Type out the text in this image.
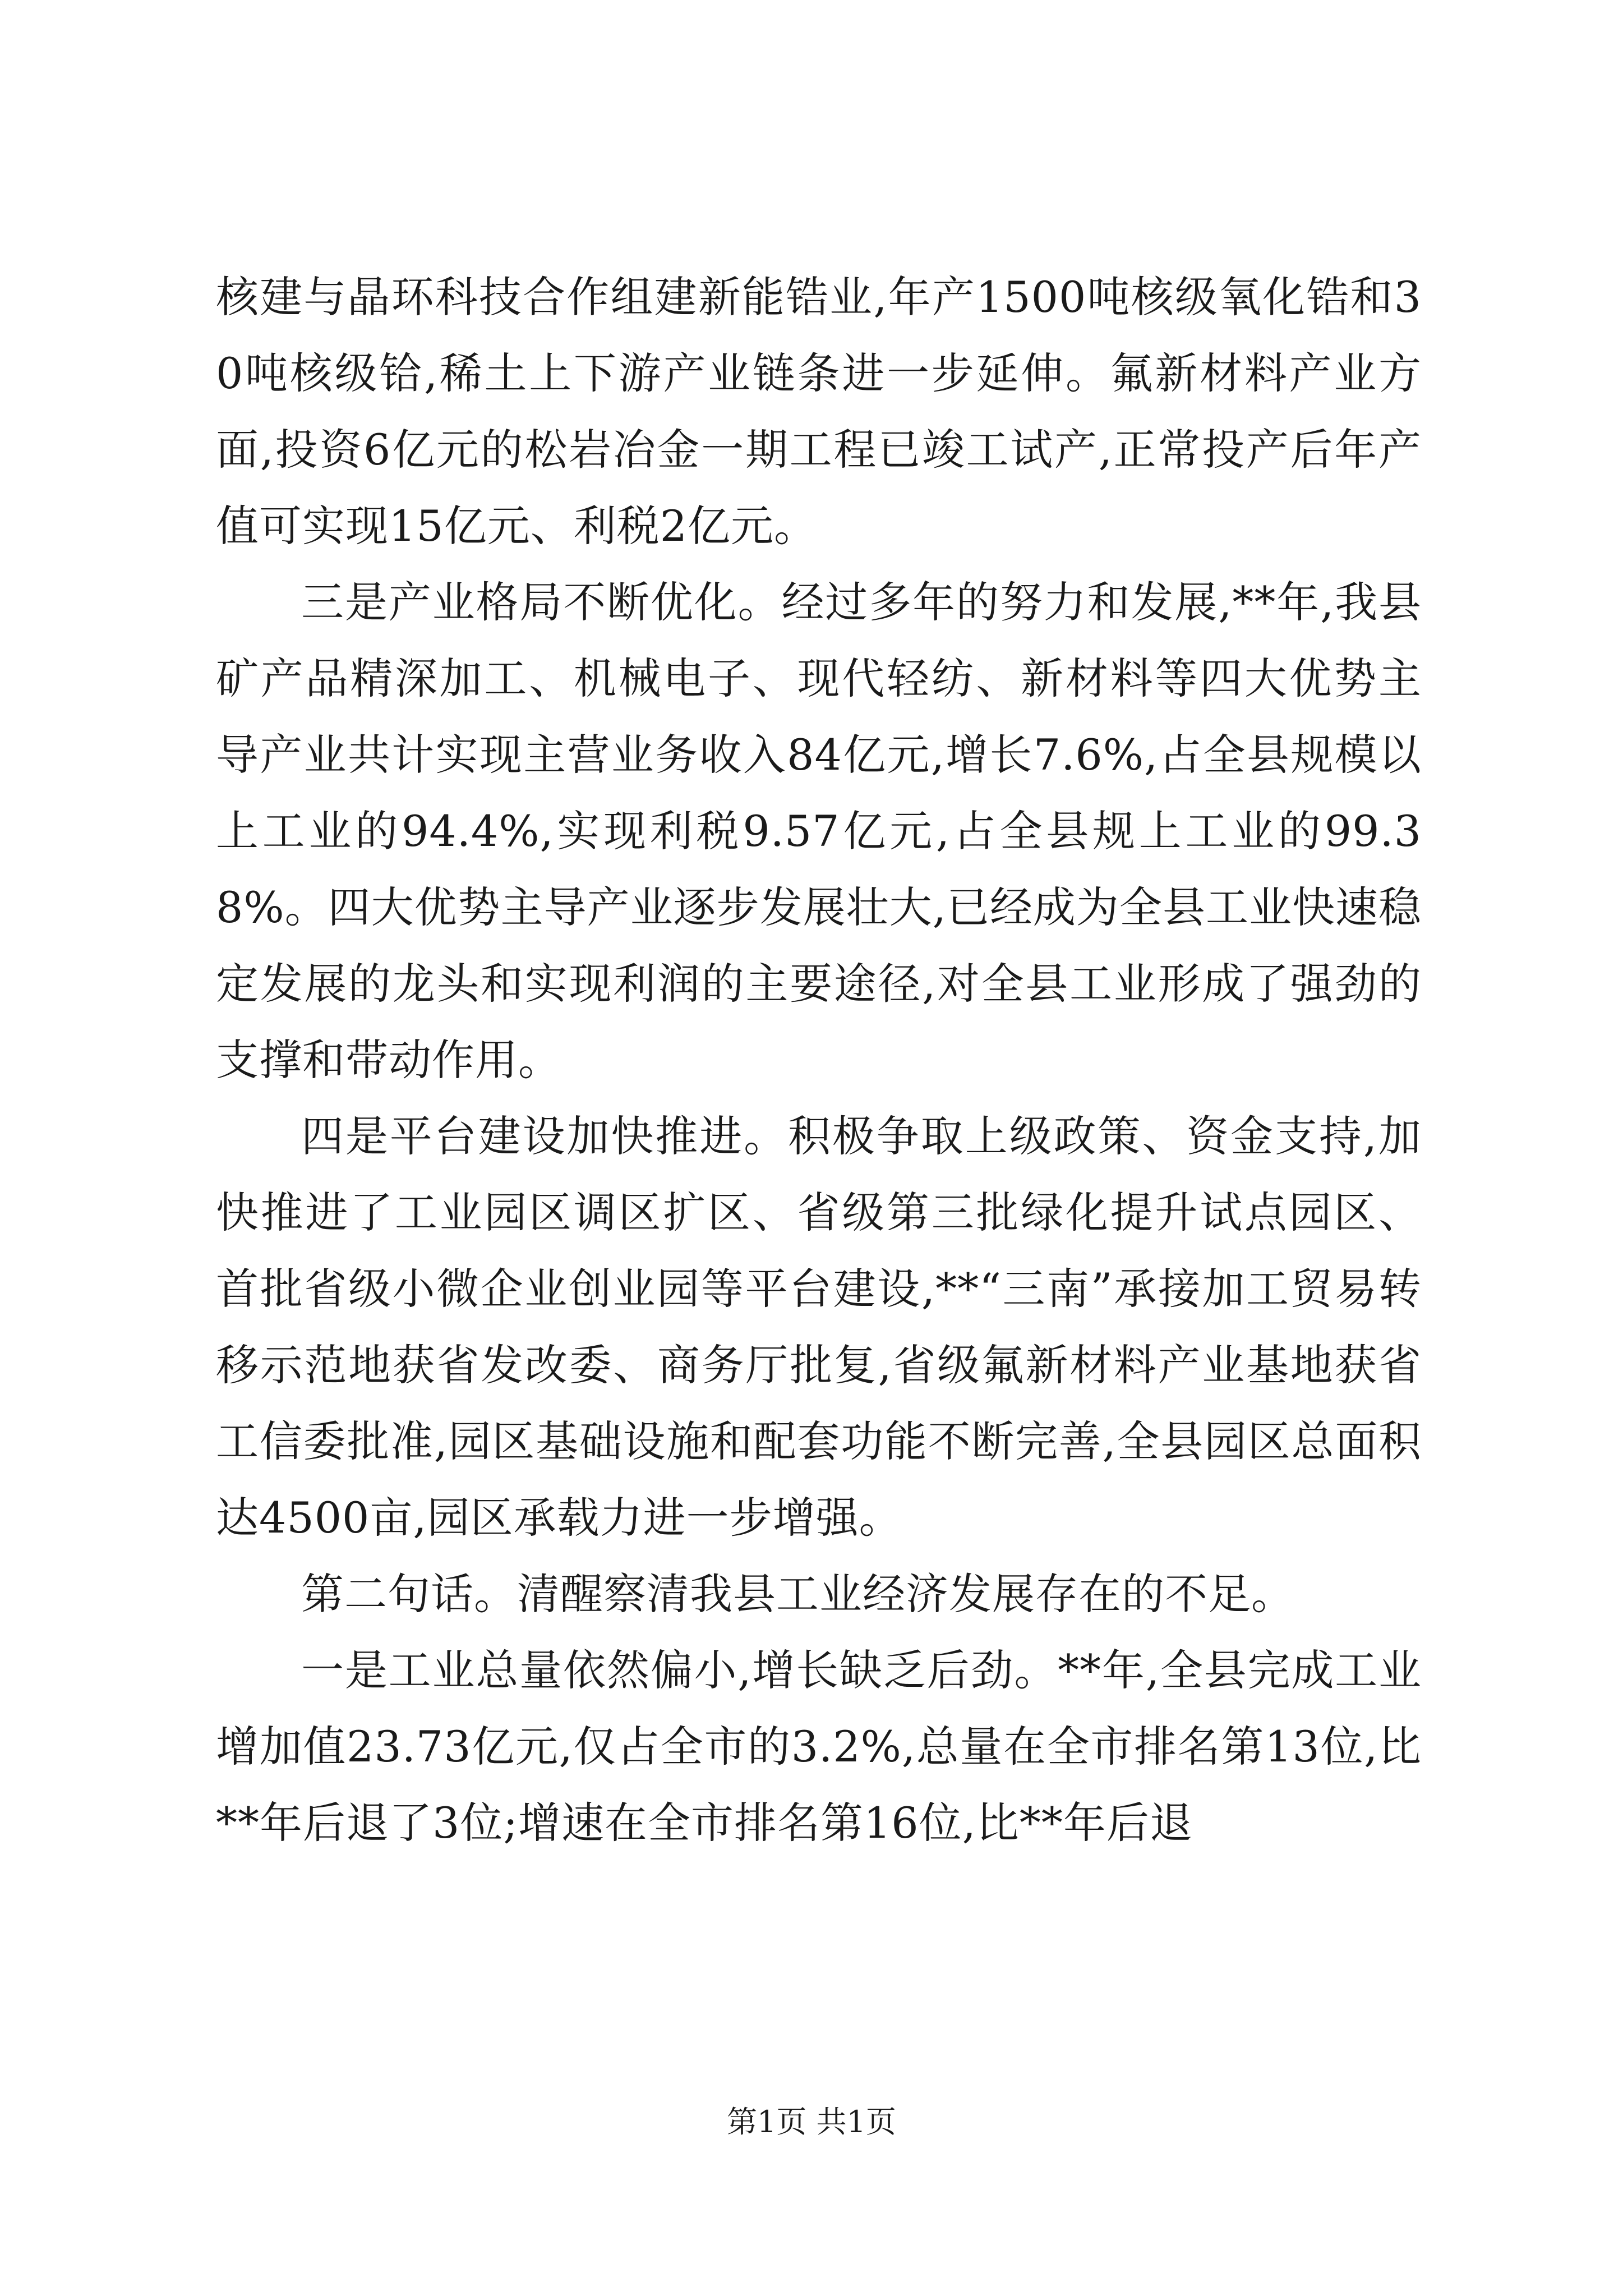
核建与晶环科技合作组建新能锆业,年产1500吨核级氧化锆和30吨核级铪,稀土上下游产业链条进一步延伸。氟新材料产业方面,投资6亿元的松岩冶金一期工程已竣工试产,正常投产后年产值可实现15亿元、利税2亿元。

三是产业格局不断优化。经过多年的努力和发展,**年,我县矿产品精深加工、机械电子、现代轻纺、新材料等四大优势主导产业共计实现主营业务收入84亿元,增长7.6%,占全县规模以上工业的94.4%,实现利税9.57亿元,占全县规上工业的99.38%。四大优势主导产业逐步发展壮大,已经成为全县工业快速稳定发展的龙头和实现利润的主要途径,对全县工业形成了强劲的支撑和带动作用。

四是平台建设加快推进。积极争取上级政策、资金支持,加快推进了工业园区调区扩区、省级第三批绿化提升试点园区、首批省级小微企业创业园等平台建设,**“三南”承接加工贸易转移示范地获省发改委、商务厅批复,省级氟新材料产业基地获省工信委批准,园区基础设施和配套功能不断完善,全县园区总面积达4500亩,园区承载力进一步增强。

第二句话。清醒察清我县工业经济发展存在的不足。

一是工业总量依然偏小,增长缺乏后劲。**年,全县完成工业增加值23.73亿元,仅占全市的3.2%,总量在全市排名第13位,比**年后退了3位;增速在全市排名第16位,比**年后退

第1页 共1页
